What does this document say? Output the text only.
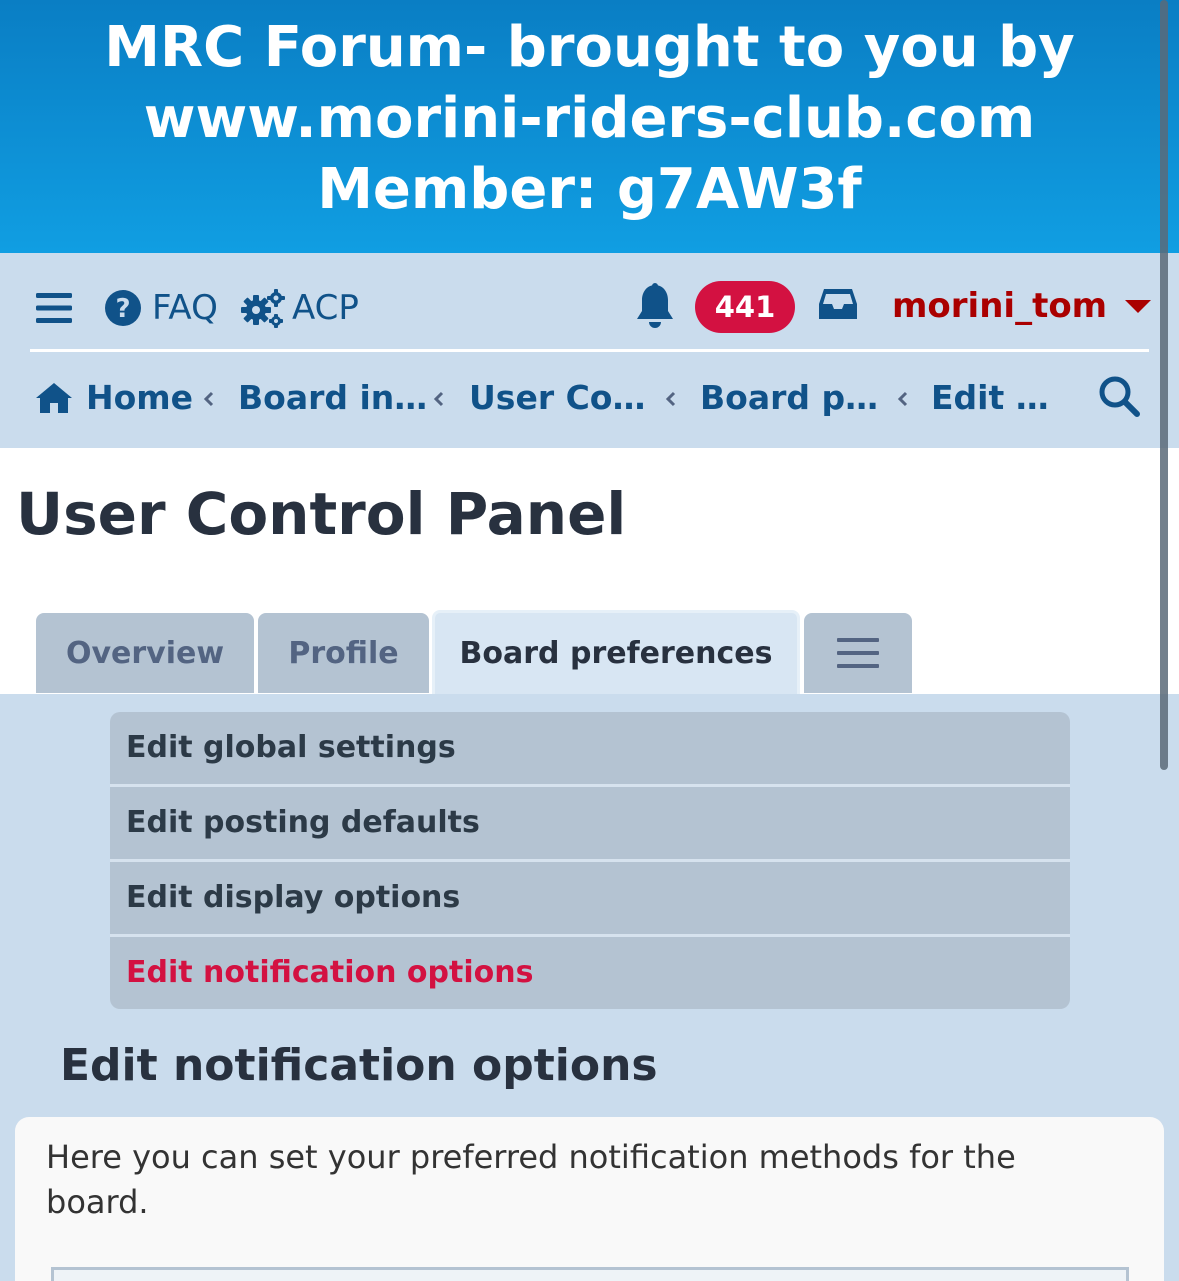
MRC Forum- brought to you by www.morini-riders-club.com Member: g7AW3f
? FAQ ACP	441	morini_tom
Home Board in… User Co… Board p… Edit …
User Control Panel
Overview	Profile	Board preferences
Edit global settings
Edit posting defaults
Edit display options
Edit notification options
Edit notification options

Here you can set your preferred notification methods for the board.
